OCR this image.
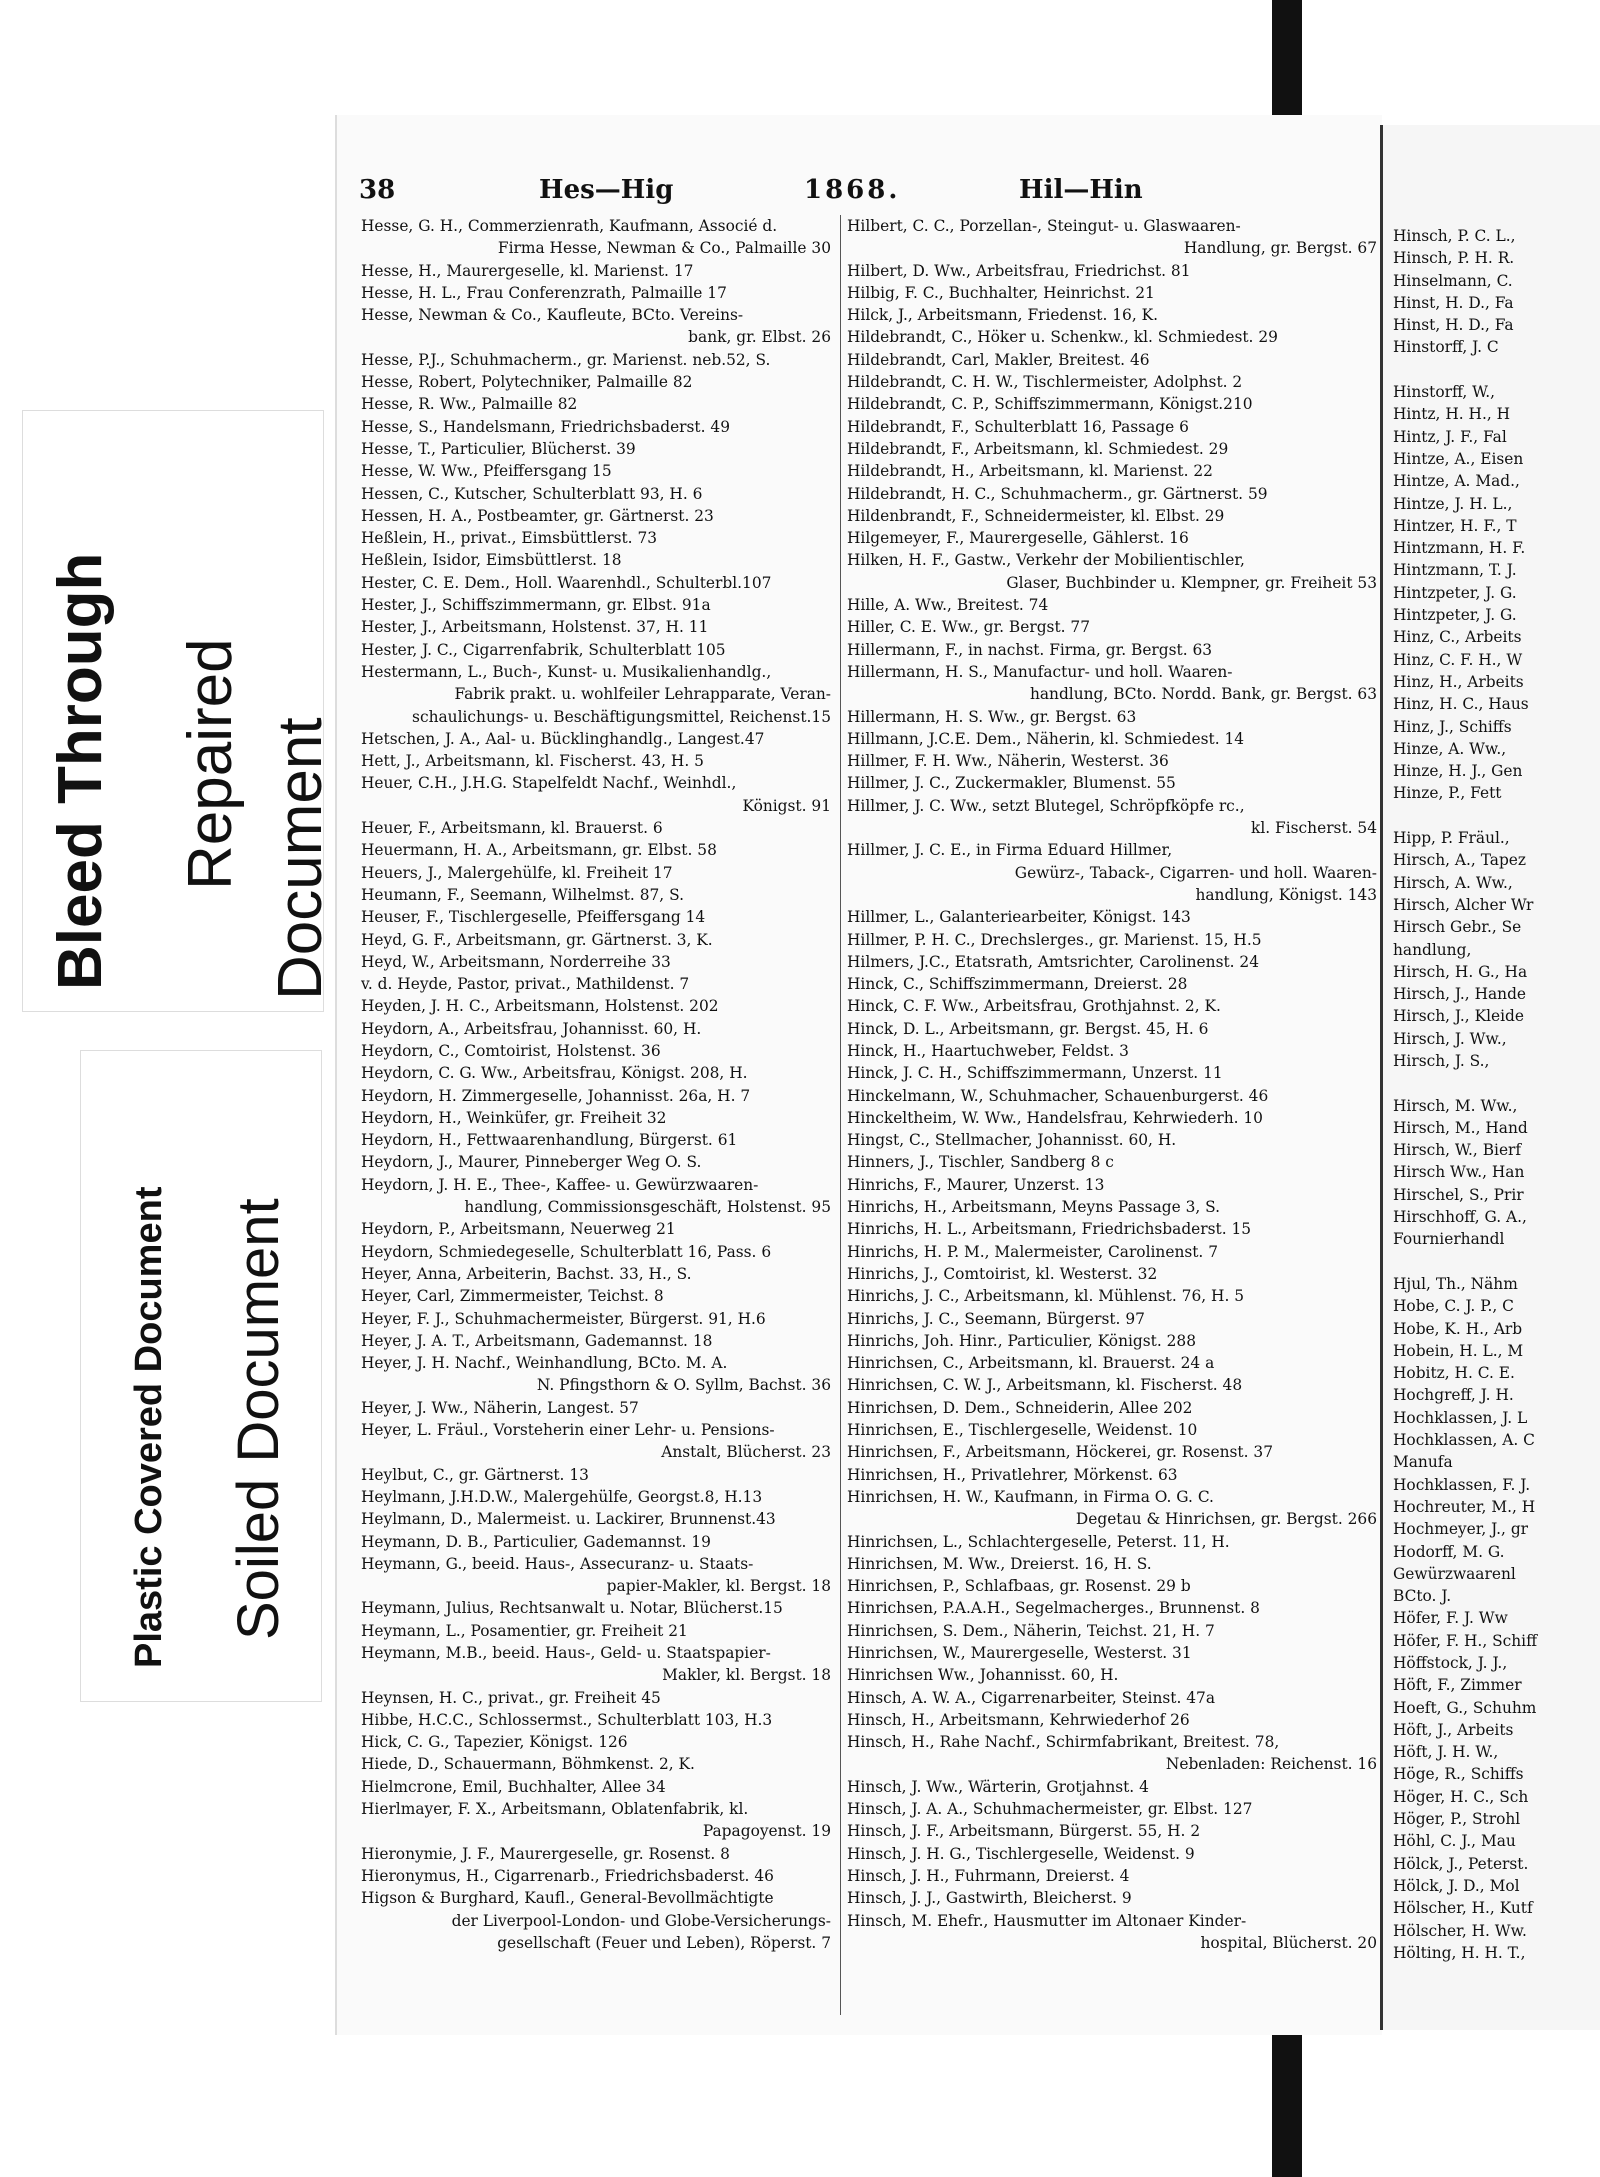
Bleed Through Repaired Document
Plastic Covered Document Soiled Document
38	Hes—Hig	1868.	Hil—Hin
Hesse, G. H., Commerzienrath, Kaufmann, Associé d.
Firma Hesse, Newman & Co., Palmaille 30
Hesse, H., Maurergeselle, kl. Marienst. 17
Hesse, H. L., Frau Conferenzrath, Palmaille 17
Hesse, Newman & Co., Kaufleute, BCto. Vereins-
bank, gr. Elbst. 26
Hesse, P.J., Schuhmacherm., gr. Marienst. neb.52, S.
Hesse, Robert, Polytechniker, Palmaille 82
Hesse, R. Ww., Palmaille 82
Hesse, S., Handelsmann, Friedrichsbaderst. 49
Hesse, T., Particulier, Blücherst. 39
Hesse, W. Ww., Pfeiffersgang 15
Hessen, C., Kutscher, Schulterblatt 93, H. 6
Hessen, H. A., Postbeamter, gr. Gärtnerst. 23
Heßlein, H., privat., Eimsbüttlerst. 73
Heßlein, Isidor, Eimsbüttlerst. 18
Hester, C. E. Dem., Holl. Waarenhdl., Schulterbl.107
Hester, J., Schiffszimmermann, gr. Elbst. 91a
Hester, J., Arbeitsmann, Holstenst. 37, H. 11
Hester, J. C., Cigarrenfabrik, Schulterblatt 105
Hestermann, L., Buch-, Kunst- u. Musikalienhandlg.,
Fabrik prakt. u. wohlfeiler Lehrapparate, Veran-
schaulichungs- u. Beschäftigungsmittel, Reichenst.15
Hetschen, J. A., Aal- u. Bücklinghandlg., Langest.47
Hett, J., Arbeitsmann, kl. Fischerst. 43, H. 5
Heuer, C.H., J.H.G. Stapelfeldt Nachf., Weinhdl.,
Königst. 91
Heuer, F., Arbeitsmann, kl. Brauerst. 6
Heuermann, H. A., Arbeitsmann, gr. Elbst. 58
Heuers, J., Malergehülfe, kl. Freiheit 17
Heumann, F., Seemann, Wilhelmst. 87, S.
Heuser, F., Tischlergeselle, Pfeiffersgang 14
Heyd, G. F., Arbeitsmann, gr. Gärtnerst. 3, K.
Heyd, W., Arbeitsmann, Norderreihe 33
v. d. Heyde, Pastor, privat., Mathildenst. 7
Heyden, J. H. C., Arbeitsmann, Holstenst. 202
Heydorn, A., Arbeitsfrau, Johannisst. 60, H.
Heydorn, C., Comtoirist, Holstenst. 36
Heydorn, C. G. Ww., Arbeitsfrau, Königst. 208, H.
Heydorn, H. Zimmergeselle, Johannisst. 26a, H. 7
Heydorn, H., Weinküfer, gr. Freiheit 32
Heydorn, H., Fettwaarenhandlung, Bürgerst. 61
Heydorn, J., Maurer, Pinneberger Weg O. S.
Heydorn, J. H. E., Thee-, Kaffee- u. Gewürzwaaren-
handlung, Commissionsgeschäft, Holstenst. 95
Heydorn, P., Arbeitsmann, Neuerweg 21
Heydorn, Schmiedegeselle, Schulterblatt 16, Pass. 6
Heyer, Anna, Arbeiterin, Bachst. 33, H., S.
Heyer, Carl, Zimmermeister, Teichst. 8
Heyer, F. J., Schuhmachermeister, Bürgerst. 91, H.6
Heyer, J. A. T., Arbeitsmann, Gademannst. 18
Heyer, J. H. Nachf., Weinhandlung, BCto. M. A.
N. Pfingsthorn & O. Syllm, Bachst. 36
Heyer, J. Ww., Näherin, Langest. 57
Heyer, L. Fräul., Vorsteherin einer Lehr- u. Pensions-
Anstalt, Blücherst. 23
Heylbut, C., gr. Gärtnerst. 13
Heylmann, J.H.D.W., Malergehülfe, Georgst.8, H.13
Heylmann, D., Malermeist. u. Lackirer, Brunnenst.43
Heymann, D. B., Particulier, Gademannst. 19
Heymann, G., beeid. Haus-, Assecuranz- u. Staats-
papier-Makler, kl. Bergst. 18
Heymann, Julius, Rechtsanwalt u. Notar, Blücherst.15
Heymann, L., Posamentier, gr. Freiheit 21
Heymann, M.B., beeid. Haus-, Geld- u. Staatspapier-
Makler, kl. Bergst. 18
Heynsen, H. C., privat., gr. Freiheit 45
Hibbe, H.C.C., Schlossermst., Schulterblatt 103, H.3
Hick, C. G., Tapezier, Königst. 126
Hiede, D., Schauermann, Böhmkenst. 2, K.
Hielmcrone, Emil, Buchhalter, Allee 34
Hierlmayer, F. X., Arbeitsmann, Oblatenfabrik, kl.
Papagoyenst. 19
Hieronymie, J. F., Maurergeselle, gr. Rosenst. 8
Hieronymus, H., Cigarrenarb., Friedrichsbaderst. 46
Higson & Burghard, Kaufl., General-Bevollmächtigte
der Liverpool-London- und Globe-Versicherungs-
gesellschaft (Feuer und Leben), Röperst. 7
Hilbert, C. C., Porzellan-, Steingut- u. Glaswaaren-
Handlung, gr. Bergst. 67
Hilbert, D. Ww., Arbeitsfrau, Friedrichst. 81
Hilbig, F. C., Buchhalter, Heinrichst. 21
Hilck, J., Arbeitsmann, Friedenst. 16, K.
Hildebrandt, C., Höker u. Schenkw., kl. Schmiedest. 29
Hildebrandt, Carl, Makler, Breitest. 46
Hildebrandt, C. H. W., Tischlermeister, Adolphst. 2
Hildebrandt, C. P., Schiffszimmermann, Königst.210
Hildebrandt, F., Schulterblatt 16, Passage 6
Hildebrandt, F., Arbeitsmann, kl. Schmiedest. 29
Hildebrandt, H., Arbeitsmann, kl. Marienst. 22
Hildebrandt, H. C., Schuhmacherm., gr. Gärtnerst. 59
Hildenbrandt, F., Schneidermeister, kl. Elbst. 29
Hilgemeyer, F., Maurergeselle, Gählerst. 16
Hilken, H. F., Gastw., Verkehr der Mobilientischler,
Glaser, Buchbinder u. Klempner, gr. Freiheit 53
Hille, A. Ww., Breitest. 74
Hiller, C. E. Ww., gr. Bergst. 77
Hillermann, F., in nachst. Firma, gr. Bergst. 63
Hillermann, H. S., Manufactur- und holl. Waaren-
handlung, BCto. Nordd. Bank, gr. Bergst. 63
Hillermann, H. S. Ww., gr. Bergst. 63
Hillmann, J.C.E. Dem., Näherin, kl. Schmiedest. 14
Hillmer, F. H. Ww., Näherin, Westerst. 36
Hillmer, J. C., Zuckermakler, Blumenst. 55
Hillmer, J. C. Ww., setzt Blutegel, Schröpfköpfe rc.,
kl. Fischerst. 54
Hillmer, J. C. E., in Firma Eduard Hillmer,
Gewürz-, Taback-, Cigarren- und holl. Waaren-
handlung, Königst. 143
Hillmer, L., Galanteriearbeiter, Königst. 143
Hillmer, P. H. C., Drechslerges., gr. Marienst. 15, H.5
Hilmers, J.C., Etatsrath, Amtsrichter, Carolinenst. 24
Hinck, C., Schiffszimmermann, Dreierst. 28
Hinck, C. F. Ww., Arbeitsfrau, Grothjahnst. 2, K.
Hinck, D. L., Arbeitsmann, gr. Bergst. 45, H. 6
Hinck, H., Haartuchweber, Feldst. 3
Hinck, J. C. H., Schiffszimmermann, Unzerst. 11
Hinckelmann, W., Schuhmacher, Schauenburgerst. 46
Hinckeltheim, W. Ww., Handelsfrau, Kehrwiederh. 10
Hingst, C., Stellmacher, Johannisst. 60, H.
Hinners, J., Tischler, Sandberg 8 c
Hinrichs, F., Maurer, Unzerst. 13
Hinrichs, H., Arbeitsmann, Meyns Passage 3, S.
Hinrichs, H. L., Arbeitsmann, Friedrichsbaderst. 15
Hinrichs, H. P. M., Malermeister, Carolinenst. 7
Hinrichs, J., Comtoirist, kl. Westerst. 32
Hinrichs, J. C., Arbeitsmann, kl. Mühlenst. 76, H. 5
Hinrichs, J. C., Seemann, Bürgerst. 97
Hinrichs, Joh. Hinr., Particulier, Königst. 288
Hinrichsen, C., Arbeitsmann, kl. Brauerst. 24 a
Hinrichsen, C. W. J., Arbeitsmann, kl. Fischerst. 48
Hinrichsen, D. Dem., Schneiderin, Allee 202
Hinrichsen, E., Tischlergeselle, Weidenst. 10
Hinrichsen, F., Arbeitsmann, Höckerei, gr. Rosenst. 37
Hinrichsen, H., Privatlehrer, Mörkenst. 63
Hinrichsen, H. W., Kaufmann, in Firma O. G. C.
Degetau & Hinrichsen, gr. Bergst. 266
Hinrichsen, L., Schlachtergeselle, Peterst. 11, H.
Hinrichsen, M. Ww., Dreierst. 16, H. S.
Hinrichsen, P., Schlafbaas, gr. Rosenst. 29 b
Hinrichsen, P.A.A.H., Segelmacherges., Brunnenst. 8
Hinrichsen, S. Dem., Näherin, Teichst. 21, H. 7
Hinrichsen, W., Maurergeselle, Westerst. 31
Hinrichsen Ww., Johannisst. 60, H.
Hinsch, A. W. A., Cigarrenarbeiter, Steinst. 47a
Hinsch, H., Arbeitsmann, Kehrwiederhof 26
Hinsch, H., Rahe Nachf., Schirmfabrikant, Breitest. 78,
Nebenladen: Reichenst. 16
Hinsch, J. Ww., Wärterin, Grotjahnst. 4
Hinsch, J. A. A., Schuhmachermeister, gr. Elbst. 127
Hinsch, J. F., Arbeitsmann, Bürgerst. 55, H. 2
Hinsch, J. H. G., Tischlergeselle, Weidenst. 9
Hinsch, J. H., Fuhrmann, Dreierst. 4
Hinsch, J. J., Gastwirth, Bleicherst. 9
Hinsch, M. Ehefr., Hausmutter im Altonaer Kinder-
hospital, Blücherst. 20
Hinsch, P. C. L.,
Hinsch, P. H. R.
Hinselmann, C.
Hinst, H. D., Fa
Hinst, H. D., Fa
Hinstorff, J. C
Hinstorff, W.,
Hintz, H. H., H
Hintz, J. F., Fal
Hintze, A., Eisen
Hintze, A. Mad.,
Hintze, J. H. L.,
Hintzer, H. F., T
Hintzmann, H. F.
Hintzmann, T. J.
Hintzpeter, J. G.
Hintzpeter, J. G.
Hinz, C., Arbeits
Hinz, C. F. H., W
Hinz, H., Arbeits
Hinz, H. C., Haus
Hinz, J., Schiffs
Hinze, A. Ww.,
Hinze, H. J., Gen
Hinze, P., Fett
Hipp, P. Fräul.,
Hirsch, A., Tapez
Hirsch, A. Ww.,
Hirsch, Alcher Wr
Hirsch Gebr., Se
handlung,
Hirsch, H. G., Ha
Hirsch, J., Hande
Hirsch, J., Kleide
Hirsch, J. Ww.,
Hirsch, J. S.,
Hirsch, M. Ww.,
Hirsch, M., Hand
Hirsch, W., Bierf
Hirsch Ww., Han
Hirschel, S., Prir
Hirschhoff, G. A.,
Fournierhandl
Hjul, Th., Nähm
Hobe, C. J. P., C
Hobe, K. H., Arb
Hobein, H. L., M
Hobitz, H. C. E.
Hochgreff, J. H.
Hochklassen, J. L
Hochklassen, A. C
Manufa
Hochklassen, F. J.
Hochreuter, M., H
Hochmeyer, J., gr
Hodorff, M. G.
Gewürzwaarenl
BCto. J.
Höfer, F. J. Ww
Höfer, F. H., Schiff
Höffstock, J. J.,
Höft, F., Zimmer
Hoeft, G., Schuhm
Höft, J., Arbeits
Höft, J. H. W.,
Höge, R., Schiffs
Höger, H. C., Sch
Höger, P., Strohl
Höhl, C. J., Mau
Hölck, J., Peterst.
Hölck, J. D., Mol
Hölscher, H., Kutf
Hölscher, H. Ww.
Hölting, H. H. T.,
